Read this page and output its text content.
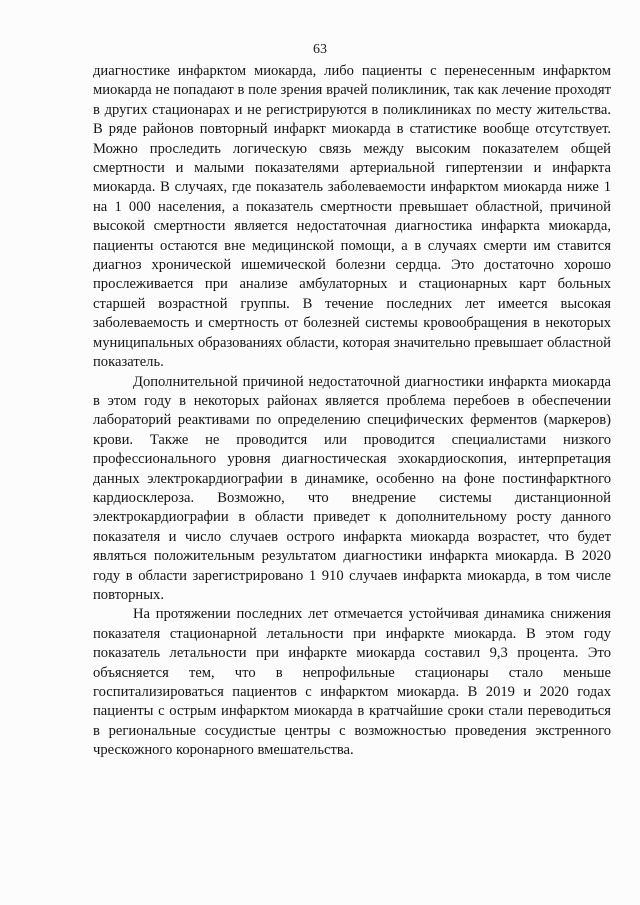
63

диагностике инфарктом миокарда, либо пациенты с перенесенным инфарктом миокарда не попадают в поле зрения врачей поликлиник, так как лечение проходят в других стационарах и не регистрируются в поликлиниках по месту жительства. В ряде районов повторный инфаркт миокарда в статистике вообще отсутствует. Можно проследить логическую связь между высоким показателем общей смертности и малыми показателями артериальной гипертензии и инфаркта миокарда. В случаях, где показатель заболеваемости инфарктом миокарда ниже 1 на 1 000 населения, а показатель смертности превышает областной, причиной высокой смертности является недостаточная диагностика инфаркта миокарда, пациенты остаются вне медицинской помощи, а в случаях смерти им ставится диагноз хронической ишемической болезни сердца. Это достаточно хорошо прослеживается при анализе амбулаторных и стационарных карт больных старшей возрастной группы. В течение последних лет имеется высокая заболеваемость и смертность от болезней системы кровообращения в некоторых муниципальных образованиях области, которая значительно превышает областной показатель.

Дополнительной причиной недостаточной диагностики инфаркта миокарда в этом году в некоторых районах является проблема перебоев в обеспечении лабораторий реактивами по определению специфических ферментов (маркеров) крови. Также не проводится или проводится специалистами низкого профессионального уровня диагностическая эхокардиоскопия, интерпретация данных электрокардиографии в динамике, особенно на фоне постинфарктного кардиосклероза. Возможно, что внедрение системы дистанционной электрокардиографии в области приведет к дополнительному росту данного показателя и число случаев острого инфаркта миокарда возрастет, что будет являться положительным результатом диагностики инфаркта миокарда. В 2020 году в области зарегистрировано 1 910 случаев инфаркта миокарда, в том числе повторных.

На протяжении последних лет отмечается устойчивая динамика снижения показателя стационарной летальности при инфаркте миокарда. В этом году показатель летальности при инфаркте миокарда составил 9,3 процента. Это объясняется тем, что в непрофильные стационары стало меньше госпитализироваться пациентов с инфарктом миокарда. В 2019 и 2020 годах пациенты с острым инфарктом миокарда в кратчайшие сроки стали переводиться в региональные сосудистые центры с возможностью проведения экстренного чрескожного коронарного вмешательства.
